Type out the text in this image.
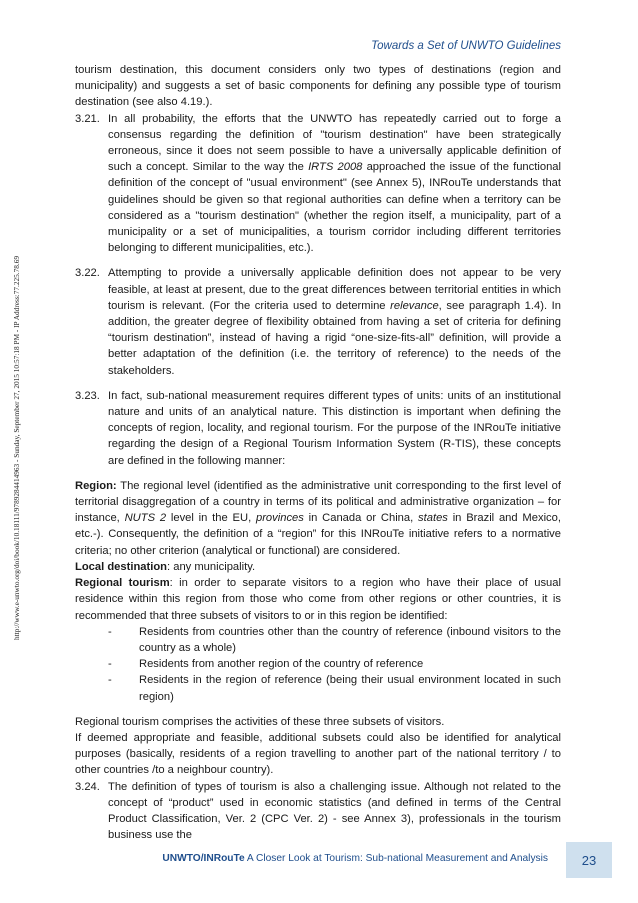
Towards a Set of UNWTO Guidelines
http://www.e-unwto.org/doi/book/10.18111/9789284414963 - Sunday, September 27, 2015 10:57:18 PM - IP Address:77.225.78.69

tourism destination, this document considers only two types of destinations (region and municipality) and suggests a set of basic components for defining any possible type of tourism destination (see also 4.19.).

3.21. In all probability, the efforts that the UNWTO has repeatedly carried out to forge a consensus regarding the definition of "tourism destination" have been strategically erroneous, since it does not seem possible to have a universally applicable definition of such a concept. Similar to the way the IRTS 2008 approached the issue of the functional definition of the concept of "usual environment" (see Annex 5), INRouTe understands that guidelines should be given so that regional authorities can define when a territory can be considered as a "tourism destination" (whether the region itself, a municipality, part of a municipality or a set of municipalities, a tourism corridor including different territories belonging to different municipalities, etc.).

3.22. Attempting to provide a universally applicable definition does not appear to be very feasible, at least at present, due to the great differences between territorial entities in which tourism is relevant. (For the criteria used to determine relevance, see paragraph 1.4). In addition, the greater degree of flexibility obtained from having a set of criteria for defining “tourism destination”, instead of having a rigid “one-size-fits-all” definition, will provide a better adaptation of the definition (i.e. the territory of reference) to the needs of the stakeholders.

3.23. In fact, sub-national measurement requires different types of units: units of an institutional nature and units of an analytical nature. This distinction is important when defining the concepts of region, locality, and regional tourism. For the purpose of the INRouTe initiative regarding the design of a Regional Tourism Information System (R-TIS), these concepts are defined in the following manner:

Region: The regional level (identified as the administrative unit corresponding to the first level of territorial disaggregation of a country in terms of its political and administrative organization – for instance, NUTS 2 level in the EU, provinces in Canada or China, states in Brazil and Mexico, etc.-). Consequently, the definition of a “region” for this INRouTe initiative refers to a normative criteria; no other criterion (analytical or functional) are considered.

Local destination: any municipality.

Regional tourism: in order to separate visitors to a region who have their place of usual residence within this region from those who come from other regions or other countries, it is recommended that three subsets of visitors to or in this region be identified:

-	Residents from countries other than the country of reference (inbound visitors to the country as a whole)
-	Residents from another region of the country of reference
-	Residents in the region of reference (being their usual environment located in such region)

Regional tourism comprises the activities of these three subsets of visitors.

If deemed appropriate and feasible, additional subsets could also be identified for analytical purposes (basically, residents of a region travelling to another part of the national territory / to other countries /to a neighbour country).

3.24. The definition of types of tourism is also a challenging issue. Although not related to the concept of “product” used in economic statistics (and defined in terms of the Central Product Classification, Ver. 2 (CPC Ver. 2) - see Annex 3), professionals in the tourism business use the

UNWTO/INRouTe A Closer Look at Tourism: Sub-national Measurement and Analysis	23
